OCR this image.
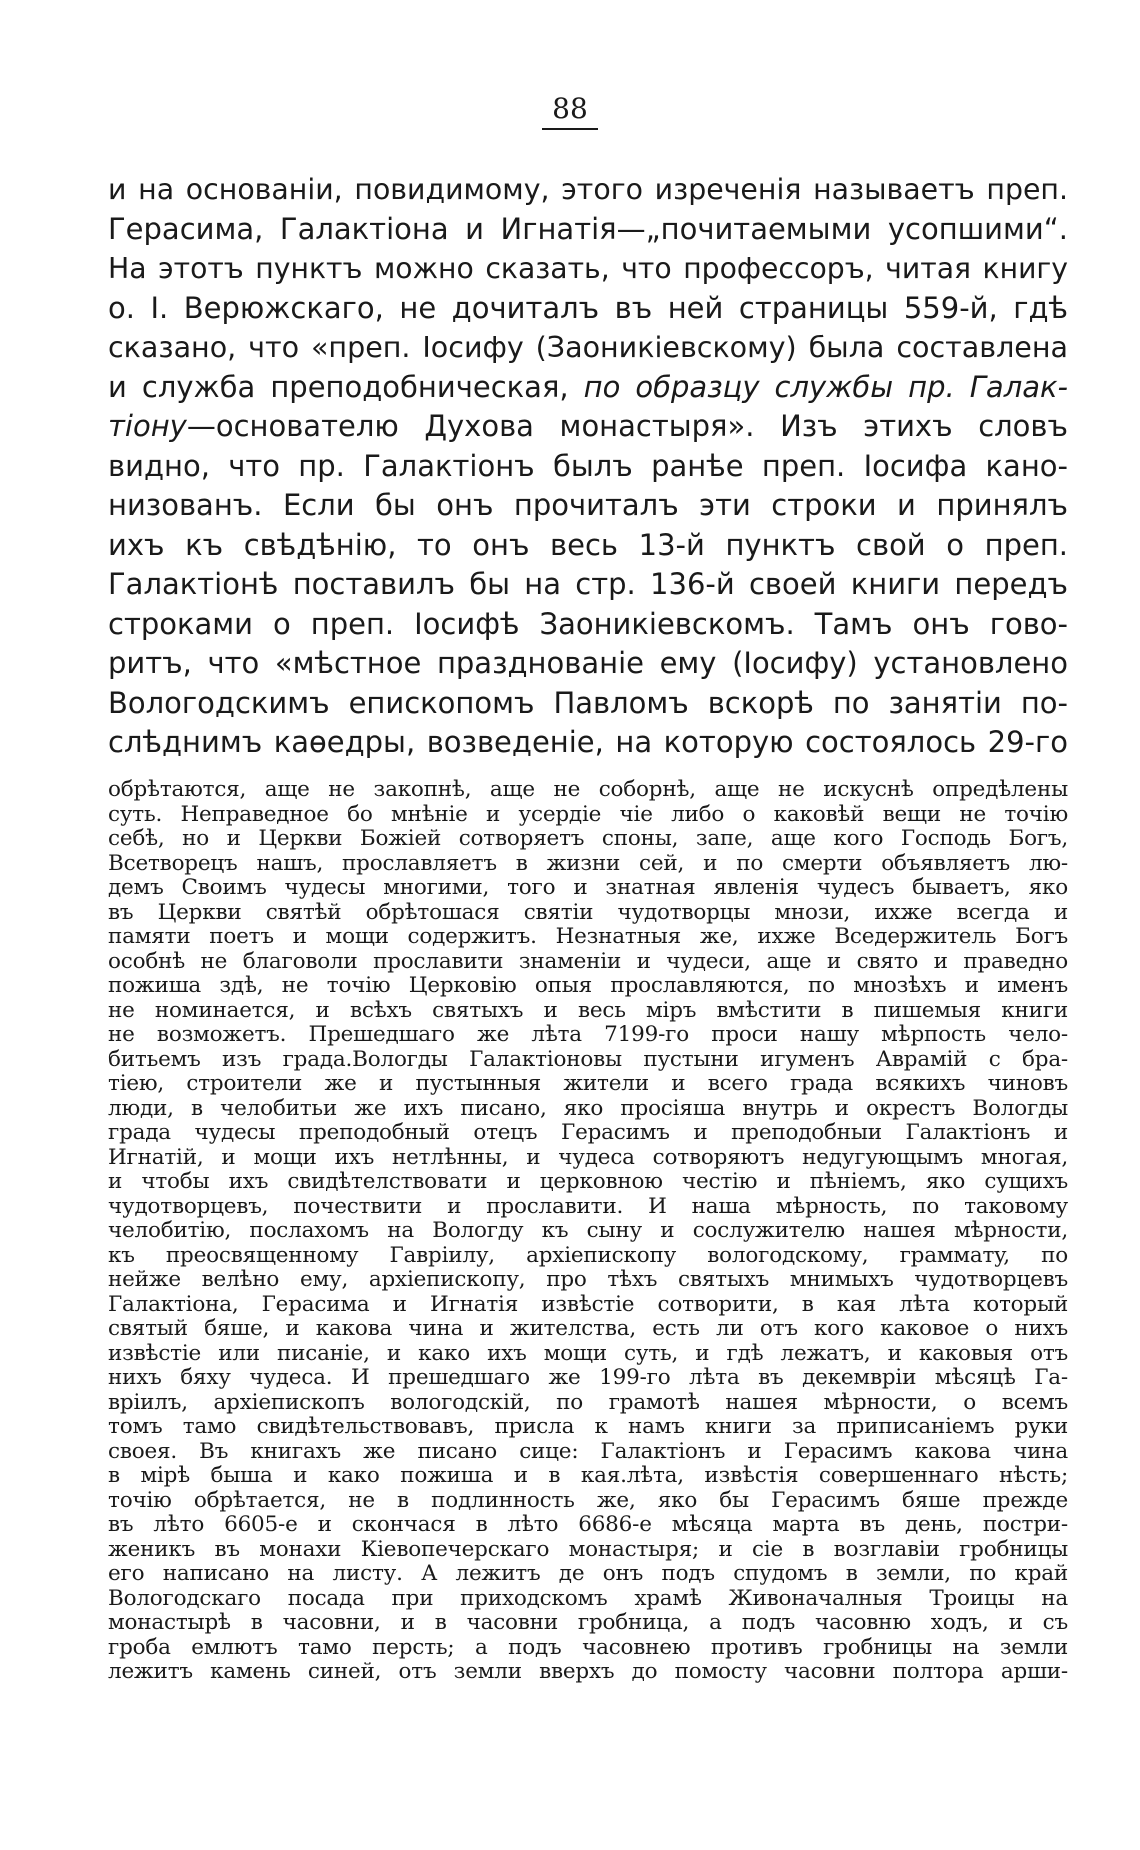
88
и на основаніи, повидимому, этого изреченія называетъ преп.
Герасима, Галактіона и Игнатія—„почитаемыми усопшими“.
На этотъ пунктъ можно сказать, что профессоръ, читая книгу
о. І. Верюжскаго, не дочиталъ въ ней страницы 559-й, гдѣ
сказано, что «преп. Іосифу (Заоникіевскому) была составлена
и служба преподобническая, по образцу службы пр. Галак-
тіону—основателю Духова монастыря». Изъ этихъ словъ
видно, что пр. Галактіонъ былъ ранѣе преп. Іосифа кано-
низованъ. Если бы онъ прочиталъ эти строки и принялъ
ихъ къ свѣдѣнію, то онъ весь 13-й пунктъ свой о преп.
Галактіонѣ поставилъ бы на стр. 136-й своей книги передъ
строками о преп. Іосифѣ Заоникіевскомъ. Тамъ онъ гово-
ритъ, что «мѣстное празднованіе ему (Іосифу) установлено
Вологодскимъ епископомъ Павломъ вскорѣ по занятіи по-
слѣднимъ каѳедры, возведеніе, на которую состоялось 29-го
обрѣтаются, аще не закопнѣ, аще не соборнѣ, аще не искуснѣ опредѣлены
суть. Неправедное бо мнѣніе и усердіе чіе либо о каковѣй вещи не точію
себѣ, но и Церкви Божіей сотворяетъ споны, запе, аще кого Господь Богъ,
Всетворецъ нашъ, прославляетъ в жизни сей, и по смерти объявляетъ лю-
демъ Своимъ чудесы многими, того и знатная явленія чудесъ бываетъ, яко
въ Церкви святѣй обрѣтошася святіи чудотворцы мнози, ихже всегда и
памяти поетъ и мощи содержитъ. Незнатныя же, ихже Вседержитель Богъ
особнѣ не благоволи прославити знаменіи и чудеси, аще и свято и праведно
пожиша здѣ, не точію Церковію опыя прославляются, по мнозѣхъ и именъ
не номинается, и всѣхъ святыхъ и весь міръ вмѣстити в пишемыя книги
не возможетъ. Прешедшаго же лѣта 7199-го проси нашу мѣрпость чело-
битьемъ изъ града.Вологды Галактіоновы пустыни игуменъ Аврамій с бра-
тіею, строители же и пустынныя жители и всего града всякихъ чиновъ
люди, в челобитьи же ихъ писано, яко просіяша внутрь и окрестъ Вологды
града чудесы преподобный отецъ Герасимъ и преподобныи Галактіонъ и
Игнатій, и мощи ихъ нетлѣнны, и чудеса сотворяютъ недугующымъ многая,
и чтобы ихъ свидѣтелствовати и церковною честію и пѣніемъ, яко сущихъ
чудотворцевъ, почествити и прославити. И наша мѣрность, по таковому
челобитію, послахомъ на Вологду къ сыну и сослужителю нашея мѣрности,
къ преосвященному Гавріилу, архіепископу вологодскому, грамматy, по
нейже велѣно ему, архіепископу, про тѣхъ святыхъ мнимыхъ чудотворцевъ
Галактіона, Герасима и Игнатія извѣстіе сотворити, в кая лѣта который
святый бяше, и какова чина и жителства, есть ли отъ кого каковое о нихъ
извѣстіе или писаніе, и како ихъ мощи суть, и гдѣ лежатъ, и каковыя отъ
нихъ бяху чудеса. И прешедшаго же 199-го лѣта въ декемвріи мѣсяцѣ Га-
вріилъ, архіепископъ вологодскій, по грамотѣ нашея мѣрности, о всемъ
томъ тамо свидѣтельствовавъ, присла к намъ книги за приписаніемъ руки
своея. Въ книгахъ же писано сице: Галактіонъ и Герасимъ какова чина
в мірѣ быша и како пожиша и в кая.лѣта, извѣстія совершеннаго нѣсть;
точію обрѣтается, не в подлинность же, яко бы Герасимъ бяше прежде
въ лѣто 6605-е и скончася в лѣто 6686-е мѣсяца марта въ день, постри-
женикъ въ монахи Кіевопечерскаго монастыря; и сіе в возглавіи гробницы
его написано на листу. А лежитъ де онъ подъ спудомъ в земли, по край
Вологодскаго посада при приходскомъ храмѣ Живоначалныя Троицы на
монастырѣ в часовни, и в часовни гробница, а подъ часовню ходъ, и съ
гроба емлютъ тамо персть; а подъ часовнею противъ гробницы на земли
лежитъ камень синей, отъ земли вверхъ до помосту часовни полтора арши-
